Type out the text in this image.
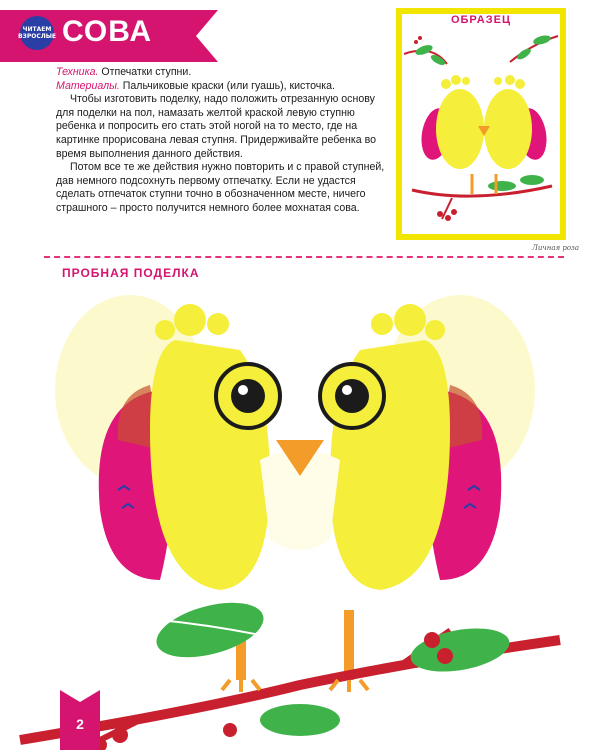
ЧИТАЕМ ВЗРОСЛЫЕ СОВА

Техника. Отпечатки ступни.

Материалы. Пальчиковые краски (или гуашь), кисточка.

Чтобы изготовить поделку, надо положить отрезанную основу для поделки на пол, намазать желтой краской левую ступню ребенка и попросить его стать этой ногой на то место, где на картинке прорисована левая ступня. Придерживайте ребенка во время выполнения данного действия.

Потом все те же действия нужно повторить и с правой ступней, дав немного подсохнуть первому отпечатку. Если не удастся сделать отпечаток ступни точно в обозначенном месте, ничего страшного – просто получится немного более мохнатая сова.

ОБРАЗЕЦ
Личная роза
ПРОБНАЯ ПОДЕЛКА
2
